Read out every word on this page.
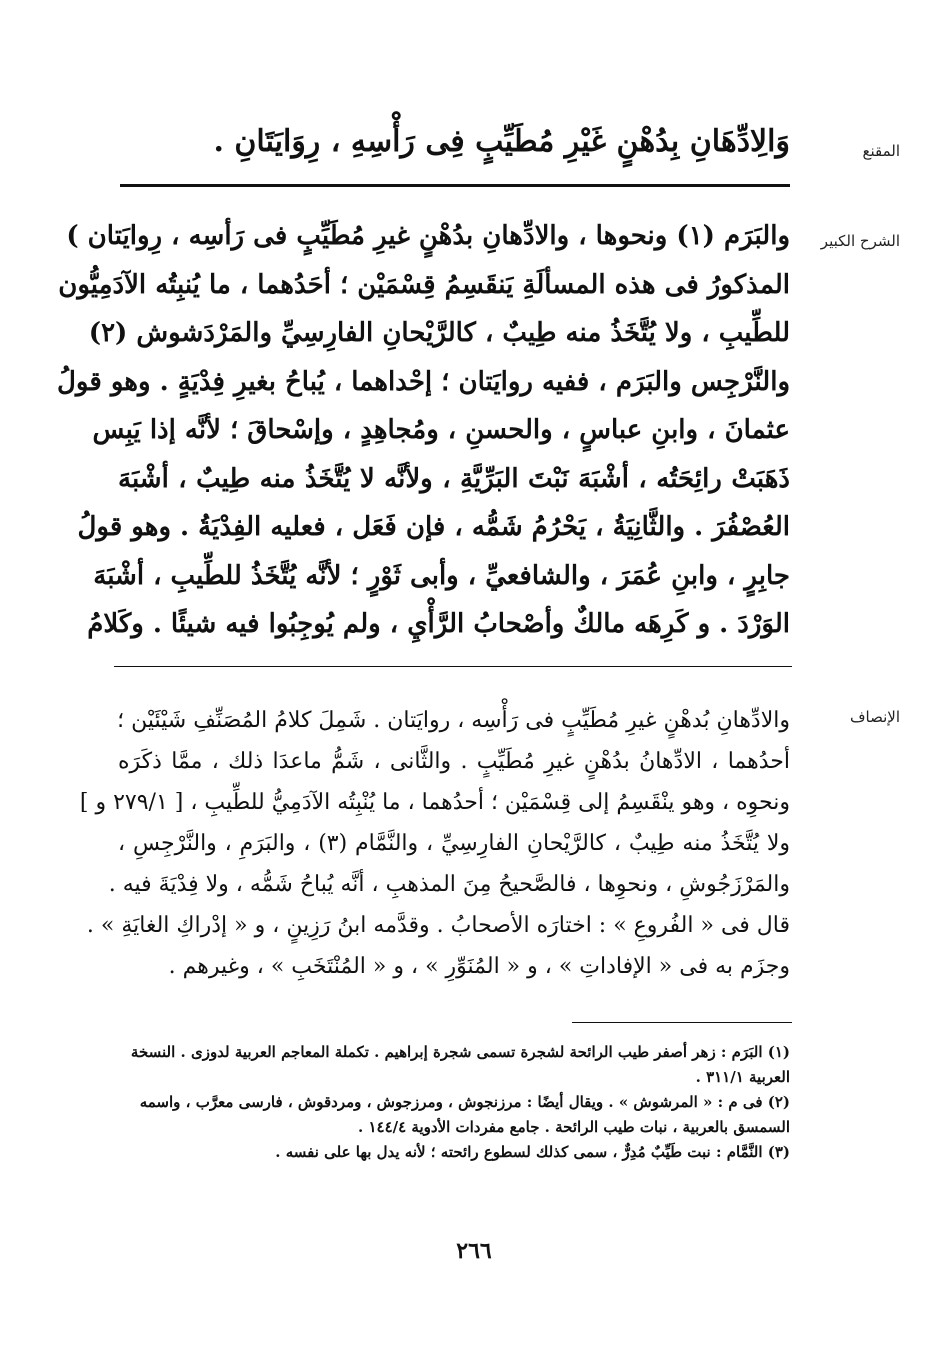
المقنع
وَالِادِّهَانِ بِدُهْنٍ غَيْرِ مُطَيِّبٍ فِى رَأْسِهِ ، رِوَايَتَانِ .
الشرح الكبير
والبَرَم (١) ونحوها ، والادِّهانِ بدُهْنٍ غيرِ مُطَيِّبٍ فى رَأسِه ، رِوايَتان )
المذكورُ فى هذه المسألَةِ يَنقَسِمُ قِسْمَيْن ؛ أحَدُهما ، ما يُنبِتُه الآدَمِيُّون
للطِّيبِ ، ولا يُتَّخَذُ منه طِيبٌ ، كالرَّيْحانِ الفارِسِيِّ والمَرْدَشوش (٢)
والنَّرْجِس والبَرَم ، ففيه روايَتان ؛ إحْداهما ، يُباحُ بغيرِ فِدْيَةٍ . وهو قولُ
عثمانَ ، وابنِ عباسٍ ، والحسنِ ، ومُجاهِدٍ ، وإسْحاقَ ؛ لأنَّه إذا يَبِس
ذَهَبَتْ رائِحَتُه ، أشْبَهَ نَبْتَ البَرِّيَّةِ ، ولأنَّه لا يُتَّخَذُ منه طِيبٌ ، أشْبَهَ
العُصْفُرَ . والثَّانِيَةُ ، يَحْرُمُ شَمُّه ، فإن فَعَل ، فعليه الفِدْيَةُ . وهو قولُ
جابِرٍ ، وابنِ عُمَرَ ، والشافعيِّ ، وأبى ثَوْرٍ ؛ لأنَّه يُتَّخَذُ للطِّيبِ ، أشْبَهَ
الوَرْدَ . و كَرِهَه مالكٌ وأصْحابُ الرَّأْيِ ، ولم يُوجِبُوا فيه شيئًا . وكَلامُ
الإنصاف
والادِّهانِ بُدهْنٍ غيرِ مُطَيِّبٍ فى رَأْسِه ، روايَتان . شَمِلَ كلامُ المُصَنِّفِ شَيْئَيْن ؛
أحدُهما ، الادِّهانُ بدُهْنٍ غيرِ مُطَيِّبٍ . والثَّانى ، شَمُّ ماعدَا ذلك ، ممَّا ذكَرَه
ونحوِه ، وهو ينْقَسِمُ إلى قِسْمَيْن ؛ أحدُهما ، ما يُنْبِتُه الآدَمِيُّ للطِّيبِ ، [ ٢٧٩/١ و ]
ولا يُتَّخَذُ منه طِيبٌ ، كالرَّيْحانِ الفارِسِيِّ ، والنَّمَّام (٣) ، والبَرَمِ ، والنَّرْجِسِ ،
والمَرْزَجُوشِ ، ونحوِها ، فالصَّحيحُ مِنَ المذهبِ ، أنَّه يُباحُ شَمُّه ، ولا فِدْيَةَ فيه .
قال فى « الفُروعِ » : اختارَه الأصحابُ . وقدَّمه ابنُ رَزِينٍ ، و « إدْراكِ الغايَةِ » .
وجزَم به فى « الإفاداتِ » ، و « المُنَوِّرِ » ، و « المُنْتَخَبِ » ، وغيرهم .
(١) البَرَم : زهر أصفر طيب الرائحة لشجرة تسمى شجرة إبراهيم . تكملة المعاجم العربية لدوزى . النسخة العربية ٣١١/١ .
(٢) فى م : « المرشوش » . ويقال أيضًا : مرزنجوش ، ومرزجوش ، ومردقوش ، فارسى معرَّب ، واسمه السمسق بالعربية ، نبات طيب الرائحة . جامع مفردات الأدوية ١٤٤/٤ .
(٣) النَّمَّام : نبت طَيِّبٌ مُدِرٌّ ، سمى كذلك لسطوع رائحته ؛ لأنه يدل بها على نفسه .
٢٦٦
